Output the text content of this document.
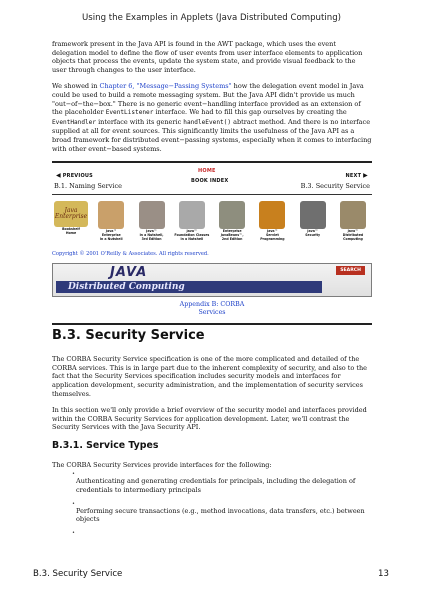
Using the Examples in Applets (Java Distributed Computing)

framework present in the Java API is found in the AWT package, which uses the event delegation model to define the flow of user events from user interface elements to application objects that process the events, update the system state, and provide visual feedback to the user through changes to the user interface.

We showed in Chapter 6, "Message−Passing Systems" how the delegation event model in Java could be used to build a remote messaging system. But the Java API didn't provide us much "out−of−the−box." There is no generic event−handling interface provided as an extension of the placeholder EventListener interface. We had to fill this gap ourselves by creating the EventHandler interface with its generic handleEvent() abtract method. And there is no interface supplied at all for event sources. This significantly limits the usefulness of the Java API as a broad framework for distributed event−passing systems, especially when it comes to interfacing with other event−based systems.

◀ PREVIOUS
HOME
BOOK INDEX
NEXT ▶
B.1. Naming Service	B.3. Security Service
Java
Enterprise
Bookshelf
Home	Java™
Enterprise
in a Nutshell
Java™
in a Nutshell,
3rd Edition
Java™
Foundation Classes
in a Nutshell
Enterprise
JavaBeans™,
2nd Edition
Java™
Servlet
Programming
Java™
Security
Java™
Distributed
Computing
Copyright © 2001 O'Reilly & Associates. All rights reserved.
JAVA
Distributed Computing
SEARCH
Appendix B: CORBA
Services
B.3. Security Service

The CORBA Security Service specification is one of the more complicated and detailed of the CORBA services. This is in large part due to the inherent complexity of security, and also to the fact that the Security Services specification includes security models and interfaces for application development, security administration, and the implementation of security services themselves.

In this section we'll only provide a brief overview of the security model and interfaces provided within the CORBA Security Services for application development. Later, we'll contrast the Security Services with the Java Security API.

B.3.1. Service Types

The CORBA Security Services provide interfaces for the following:

•

Authenticating and generating credentials for principals, including the delegation of credentials to intermediary principals

•

Performing secure transactions (e.g., method invocations, data transfers, etc.) between objects

•
B.3. Security Service	13
